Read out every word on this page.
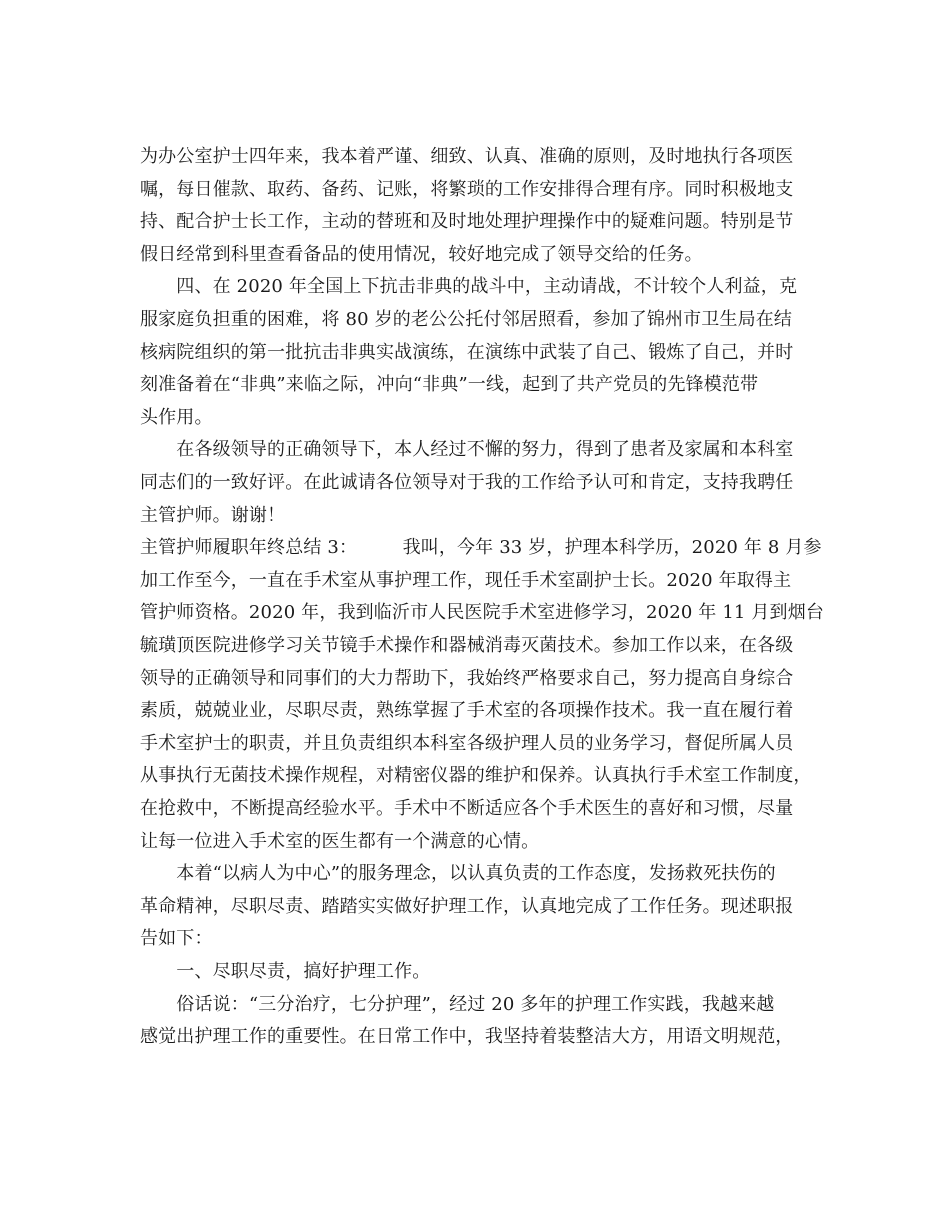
为办公室护士四年来，我本着严谨、细致、认真、准确的原则，及时地执行各项医
嘱，每日催款、取药、备药、记账，将繁琐的工作安排得合理有序。同时积极地支
持、配合护士长工作，主动的替班和及时地处理护理操作中的疑难问题。特别是节
假日经常到科里查看备品的使用情况，较好地完成了领导交给的任务。
　　四、在 2020 年全国上下抗击非典的战斗中，主动请战，不计较个人利益，克
服家庭负担重的困难，将 80 岁的老公公托付邻居照看，参加了锦州市卫生局在结
核病院组织的第一批抗击非典实战演练，在演练中武装了自己、锻炼了自己，并时
刻准备着在“非典”来临之际，冲向“非典”一线，起到了共产党员的先锋模范带
头作用。
　　在各级领导的正确领导下，本人经过不懈的努力，得到了患者及家属和本科室
同志们的一致好评。在此诚请各位领导对于我的工作给予认可和肯定，支持我聘任
主管护师。谢谢！
主管护师履职年终总结 3：　　　我叫，今年 33 岁，护理本科学历，2020 年 8 月参
加工作至今，一直在手术室从事护理工作，现任手术室副护士长。2020 年取得主
管护师资格。2020 年，我到临沂市人民医院手术室进修学习，2020 年 11 月到烟台
毓璜顶医院进修学习关节镜手术操作和器械消毒灭菌技术。参加工作以来，在各级
领导的正确领导和同事们的大力帮助下，我始终严格要求自己，努力提高自身综合
素质，兢兢业业，尽职尽责，熟练掌握了手术室的各项操作技术。我一直在履行着
手术室护士的职责，并且负责组织本科室各级护理人员的业务学习，督促所属人员
从事执行无菌技术操作规程，对精密仪器的维护和保养。认真执行手术室工作制度，
在抢救中，不断提高经验水平。手术中不断适应各个手术医生的喜好和习惯，尽量
让每一位进入手术室的医生都有一个满意的心情。
　　本着“以病人为中心”的服务理念，以认真负责的工作态度，发扬救死扶伤的
革命精神，尽职尽责、踏踏实实做好护理工作，认真地完成了工作任务。现述职报
告如下：
　　一、尽职尽责，搞好护理工作。
　　俗话说：“三分治疗，七分护理”，经过 20 多年的护理工作实践，我越来越
感觉出护理工作的重要性。在日常工作中，我坚持着装整洁大方，用语文明规范，
